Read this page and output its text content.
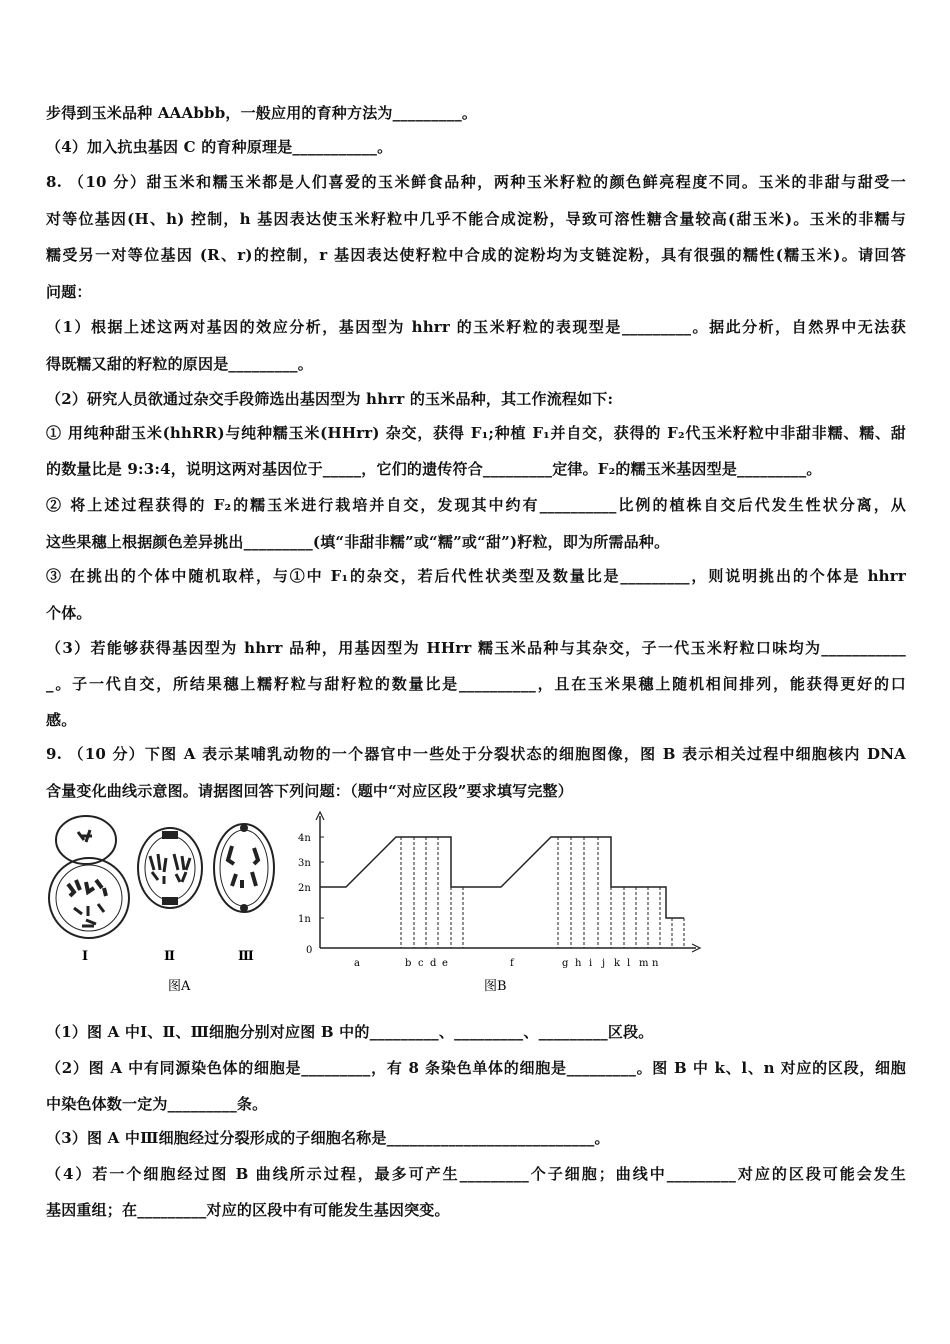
步得到玉米品种 AAAbbb，一般应用的育种方法为_________。
（4）加入抗虫基因 C 的育种原理是___________。
8. （10 分）甜玉米和糯玉米都是人们喜爱的玉米鲜食品种，两种玉米籽粒的颜色鲜亮程度不同。玉米的非甜与甜受一
对等位基因(H、h) 控制，h 基因表达使玉米籽粒中几乎不能合成淀粉，导致可溶性糖含量较高(甜玉米)。玉米的非糯与
糯受另一对等位基因 (R、r)的控制，r 基因表达使籽粒中合成的淀粉均为支链淀粉，具有很强的糯性(糯玉米)。请回答
问题：
（1）根据上述这两对基因的效应分析，基因型为 hhrr 的玉米籽粒的表现型是_________。据此分析，自然界中无法获
得既糯又甜的籽粒的原因是_________。
（2）研究人员欲通过杂交手段筛选出基因型为 hhrr 的玉米品种，其工作流程如下:
① 用纯种甜玉米(hhRR)与纯种糯玉米(HHrr) 杂交，获得 F₁;种植 F₁并自交，获得的 F₂代玉米籽粒中非甜非糯、糯、甜
的数量比是 9:3:4，说明这两对基因位于_____，它们的遗传符合_________定律。F₂的糯玉米基因型是_________。
② 将上述过程获得的 F₂的糯玉米进行栽培并自交，发现其中约有__________比例的植株自交后代发生性状分离，从
这些果穗上根据颜色差异挑出_________(填“非甜非糯”或“糯”或“甜”)籽粒，即为所需品种。
③ 在挑出的个体中随机取样，与①中 F₁的杂交，若后代性状类型及数量比是_________，则说明挑出的个体是 hhrr
个体。
（3）若能够获得基因型为 hhrr 品种，用基因型为 HHrr 糯玉米品种与其杂交，子一代玉米籽粒口味均为___________
_。子一代自交，所结果穗上糯籽粒与甜籽粒的数量比是__________，且在玉米果穗上随机相间排列，能获得更好的口
感。
9. （10 分）下图 A 表示某哺乳动物的一个器官中一些处于分裂状态的细胞图像，图 B 表示相关过程中细胞核内 DNA
含量变化曲线示意图。请据图回答下列问题：（题中“对应区段”要求填写完整）
Ⅰ	Ⅱ	Ⅲ
图A
4n
3n
2n
1n
0
a	b c d e	f	g h i j k l m n
图B
（1）图 A 中Ⅰ、Ⅱ、Ⅲ细胞分别对应图 B 中的_________、_________、_________区段。
（2）图 A 中有同源染色体的细胞是_________，有 8 条染色单体的细胞是_________。图 B 中 k、l、n 对应的区段，细胞
中染色体数一定为_________条。
（3）图 A 中Ⅲ细胞经过分裂形成的子细胞名称是___________________________。
（4）若一个细胞经过图 B 曲线所示过程，最多可产生_________个子细胞；曲线中_________对应的区段可能会发生
基因重组；在_________对应的区段中有可能发生基因突变。
